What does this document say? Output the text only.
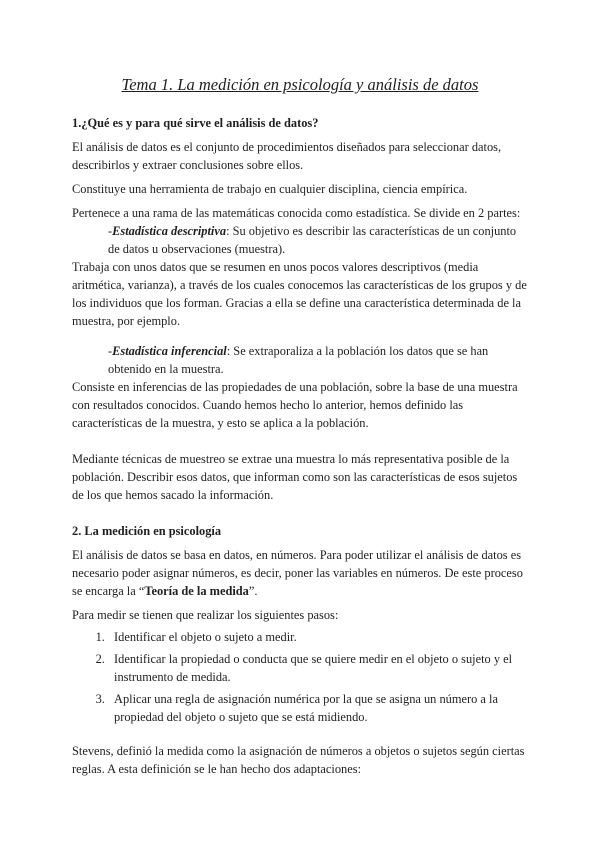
Tema 1. La medición en psicología y análisis de datos
1.¿Qué es y para qué sirve el análisis de datos?

El análisis de datos es el conjunto de procedimientos diseñados para seleccionar datos, describirlos y extraer conclusiones sobre ellos.

Constituye una herramienta de trabajo en cualquier disciplina, ciencia empírica.

Pertenece a una rama de las matemáticas conocida como estadística. Se divide en 2 partes:

-Estadística descriptiva: Su objetivo es describir las características de un conjunto de datos u observaciones (muestra).

Trabaja con unos datos que se resumen en unos pocos valores descriptivos (media aritmética, varianza), a través de los cuales conocemos las características de los grupos y de los individuos que los forman. Gracias a ella se define una característica determinada de la muestra, por ejemplo.

-Estadística inferencial: Se extraporaliza a la población los datos que se han obtenido en la muestra.

Consiste en inferencias de las propiedades de una población, sobre la base de una muestra con resultados conocidos. Cuando hemos hecho lo anterior, hemos definido las características de la muestra, y esto se aplica a la población.

Mediante técnicas de muestreo se extrae una muestra lo más representativa posible de la población. Describir esos datos, que informan como son las características de esos sujetos de los que hemos sacado la información.

2. La medición en psicología

El análisis de datos se basa en datos, en números. Para poder utilizar el análisis de datos es necesario poder asignar números, es decir, poner las variables en números. De este proceso se encarga la “Teoría de la medida”.

Para medir se tienen que realizar los siguientes pasos:

1. Identificar el objeto o sujeto a medir.
2. Identificar la propiedad o conducta que se quiere medir en el objeto o sujeto y el instrumento de medida.
3. Aplicar una regla de asignación numérica por la que se asigna un número a la propiedad del objeto o sujeto que se está midiendo.

Stevens, definió la medida como la asignación de números a objetos o sujetos según ciertas reglas. A esta definición se le han hecho dos adaptaciones:
